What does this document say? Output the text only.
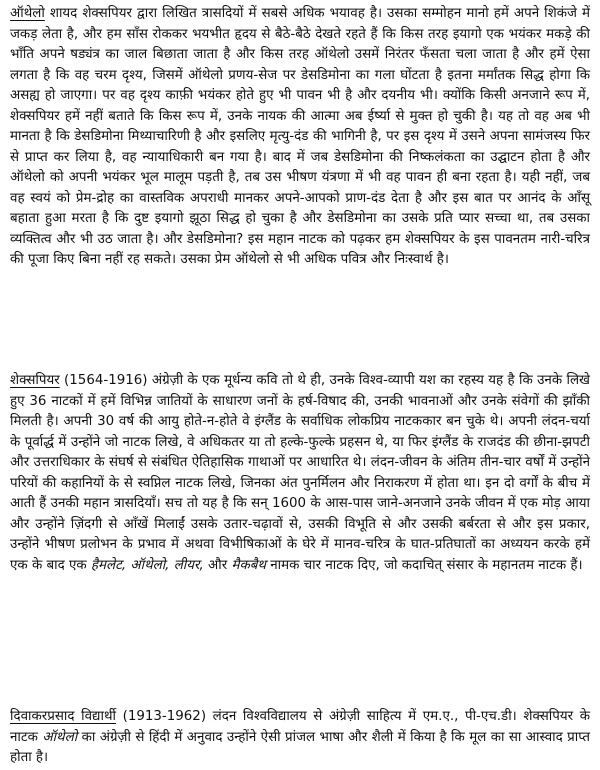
ऑथेलो शायद शेक्सपियर द्वारा लिखित त्रासदियों में सबसे अधिक भयावह है। उसका सम्मोहन मानो हमें अपने शिकंजे में जकड़ लेता है, और हम साँस रोककर भयभीत हृदय से बैठे-बैठे देखते रहते हैं कि किस तरह इयागो एक भयंकर मकड़े की भाँति अपने षड्यंत्र का जाल बिछाता जाता है और किस तरह ऑथेलो उसमें निरंतर फँसता चला जाता है और हमें ऐसा लगता है कि वह चरम दृश्य, जिसमें ऑथेलो प्रणय-सेज पर डेसडिमोना का गला घोंटता है इतना मर्मांतक सिद्ध होगा कि असह्य हो जाएगा। पर वह दृश्य काफ़ी भयंकर होते हुए भी पावन भी है और दयनीय भी। क्योंकि किसी अनजाने रूप में, शेक्सपियर हमें नहीं बताते कि किस रूप में, उनके नायक की आत्मा अब ईर्ष्या से मुक्त हो चुकी है। यह तो वह अब भी मानता है कि डेसडिमोना मिथ्याचारिणी है और इसलिए मृत्यु-दंड की भागिनी है, पर इस दृश्य में उसने अपना सामंजस्य फिर से प्राप्त कर लिया है, वह न्यायाधिकारी बन गया है। बाद में जब डेसडिमोना की निष्कलंकता का उद्घाटन होता है और ऑथेलो को अपनी भयंकर भूल मालूम पड़ती है, तब उस भीषण यंत्रणा में भी वह पावन ही बना रहता है। यही नहीं, जब वह स्वयं को प्रेम-द्रोह का वास्तविक अपराधी मानकर अपने-आपको प्राण-दंड देता है और इस बात पर आनंद के आँसू बहाता हुआ मरता है कि दुष्ट इयागो झूठा सिद्ध हो चुका है और डेसडिमोना का उसके प्रति प्यार सच्चा था, तब उसका व्यक्तित्व और भी उठ जाता है। और डेसडिमोना? इस महान नाटक को पढ़कर हम शेक्सपियर के इस पावनतम नारी-चरित्र की पूजा किए बिना नहीं रह सकते। उसका प्रेम ऑथेलो से भी अधिक पवित्र और निःस्वार्थ है।

शेक्सपियर (1564-1916) अंग्रेज़ी के एक मूर्धन्य कवि तो थे ही, उनके विश्व-व्यापी यश का रहस्य यह है कि उनके लिखे हुए 36 नाटकों में हमें विभिन्न जातियों के साधारण जनों के हर्ष-विषाद की, उनकी भावनाओं और उनके संवेगों की झाँकी मिलती है। अपनी 30 वर्ष की आयु होते-न-होते वे इंग्लैंड के सर्वाधिक लोकप्रिय नाटककार बन चुके थे। अपनी लंदन-चर्या के पूर्वार्द्ध में उन्होंने जो नाटक लिखे, वे अधिकतर या तो हल्के-फुल्के प्रहसन थे, या फिर इंग्लैंड के राजदंड की छीना-झपटी और उत्तराधिकार के संघर्ष से संबंधित ऐतिहासिक गाथाओं पर आधारित थे। लंदन-जीवन के अंतिम तीन-चार वर्षों में उन्होंने परियों की कहानियों के से स्वप्निल नाटक लिखे, जिनका अंत पुनर्मिलन और निराकरण में होता था। इन दो वर्गों के बीच में आती हैं उनकी महान त्रासदियाँ। सच तो यह है कि सन् 1600 के आस-पास जाने-अनजाने उनके जीवन में एक मोड़ आया और उन्होंने ज़िंदगी से आँखें मिलाईं उसके उतार-चढ़ावों से, उसकी विभूति से और उसकी बर्बरता से और इस प्रकार, उन्होंने भीषण प्रलोभन के प्रभाव में अथवा विभीषिकाओं के घेरे में मानव-चरित्र के घात-प्रतिघातों का अध्ययन करके हमें एक के बाद एक हैमलेट, ऑथेलो, लीयर, और मैकबैथ नामक चार नाटक दिए, जो कदाचित् संसार के महानतम नाटक हैं।

दिवाकरप्रसाद विद्यार्थी (1913-1962) लंदन विश्वविद्यालय से अंग्रेज़ी साहित्य में एम.ए., पी-एच.डी। शेक्सपियर के नाटक ऑथेलो का अंग्रेज़ी से हिंदी में अनुवाद उन्होंने ऐसी प्रांजल भाषा और शैली में किया है कि मूल का सा आस्वाद प्राप्त होता है।
